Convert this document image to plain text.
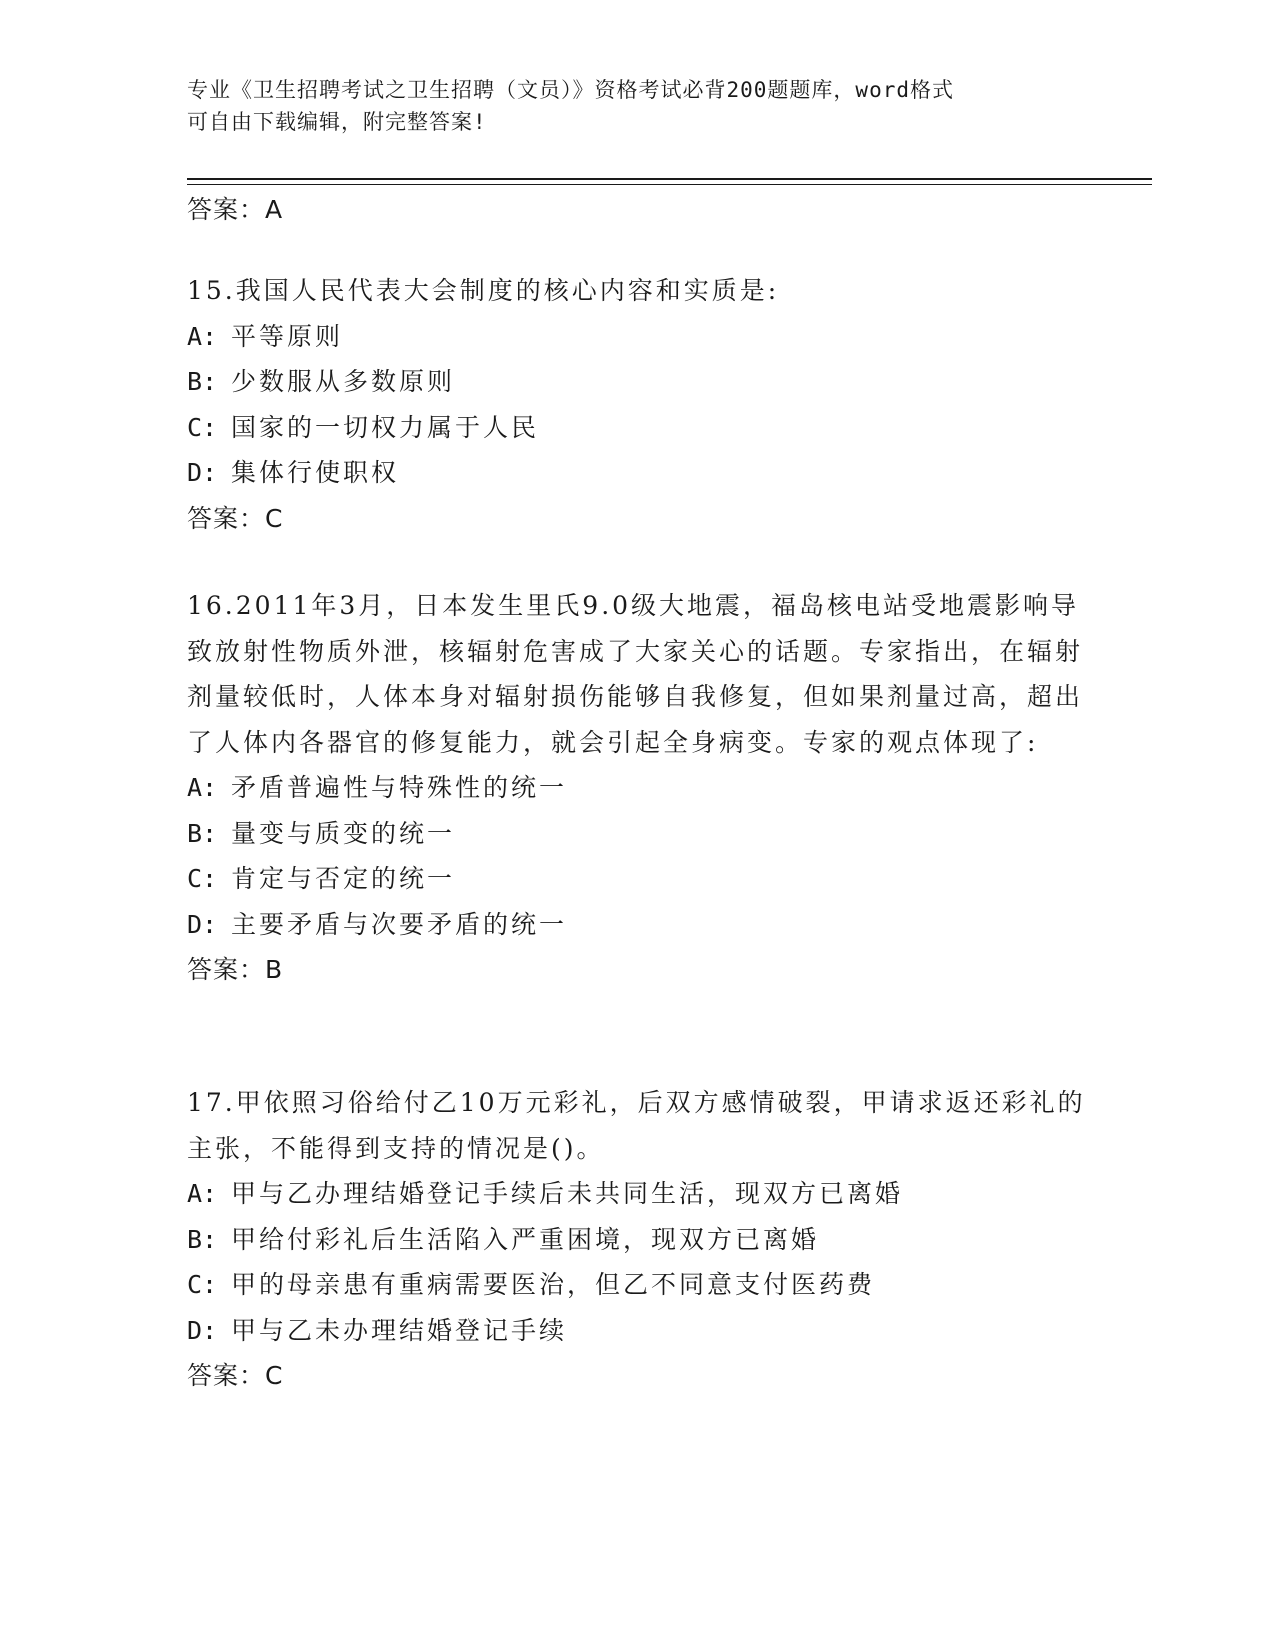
专业《卫生招聘考试之卫生招聘（文员）》资格考试必背200题题库，word格式
可自由下载编辑，附完整答案!
答案：A
15.我国人民代表大会制度的核心内容和实质是:
A: 平等原则
B: 少数服从多数原则
C: 国家的一切权力属于人民
D: 集体行使职权
答案：C
16.2011年3月，日本发生里氏9.0级大地震，福岛核电站受地震影响导致放射性物质外泄，核辐射危害成了大家关心的话题。专家指出，在辐射剂量较低时，人体本身对辐射损伤能够自我修复，但如果剂量过高，超出了人体内各器官的修复能力，就会引起全身病变。专家的观点体现了:
A: 矛盾普遍性与特殊性的统一
B: 量变与质变的统一
C: 肯定与否定的统一
D: 主要矛盾与次要矛盾的统一
答案：B
17.甲依照习俗给付乙10万元彩礼，后双方感情破裂，甲请求返还彩礼的主张，不能得到支持的情况是()。
A: 甲与乙办理结婚登记手续后未共同生活，现双方已离婚
B: 甲给付彩礼后生活陷入严重困境，现双方已离婚
C: 甲的母亲患有重病需要医治，但乙不同意支付医药费
D: 甲与乙未办理结婚登记手续
答案：C
